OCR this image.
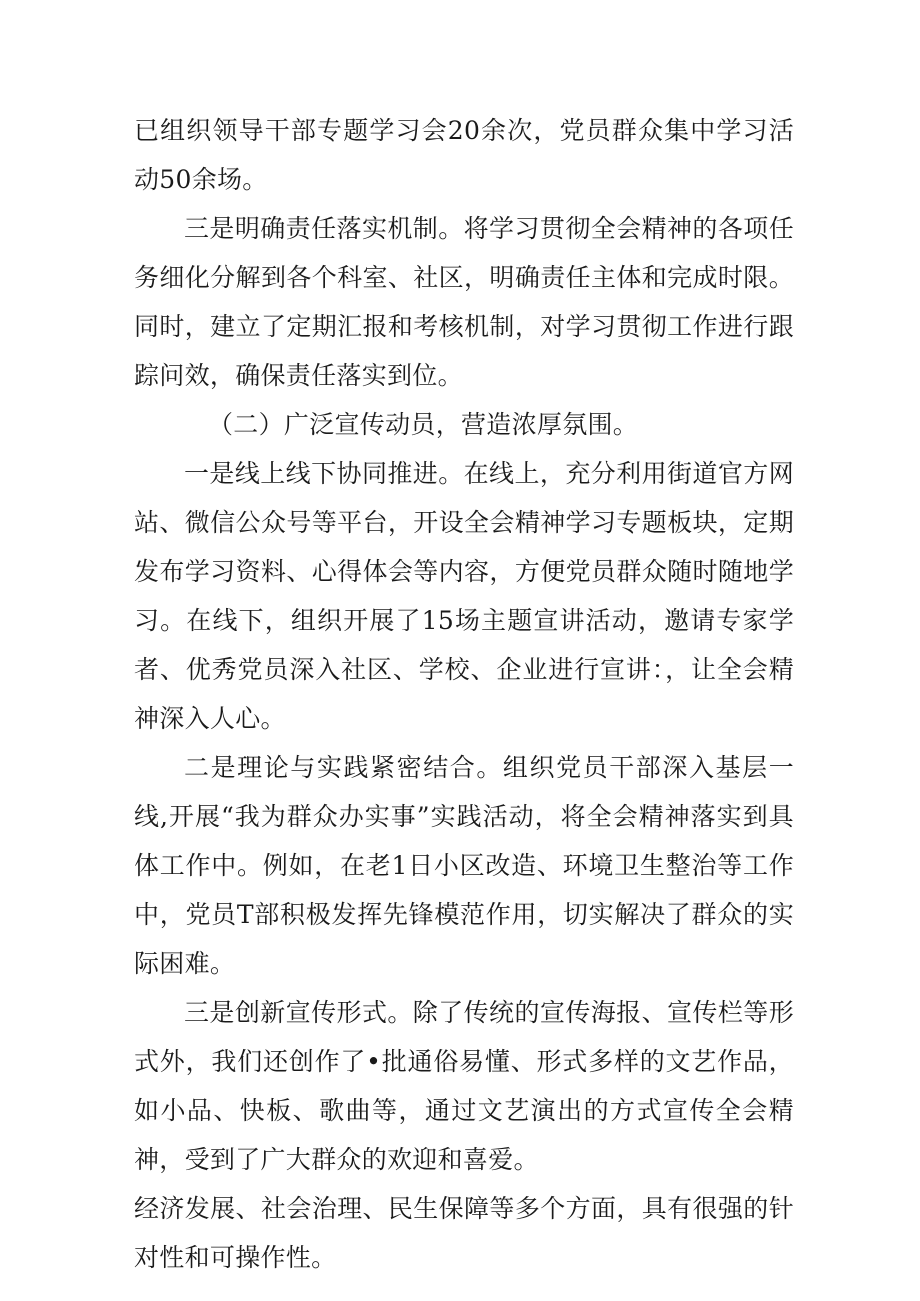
已组织领导干部专题学习会20余次，党员群众集中学习活动50余场。

三是明确责任落实机制。将学习贯彻全会精神的各项任务细化分解到各个科室、社区，明确责任主体和完成时限。同时，建立了定期汇报和考核机制，对学习贯彻工作进行跟踪问效，确保责任落实到位。

（二）广泛宣传动员，营造浓厚氛围。

一是线上线下协同推进。在线上，充分利用街道官方网站、微信公众号等平台，开设全会精神学习专题板块，定期发布学习资料、心得体会等内容，方便党员群众随时随地学习。在线下，组织开展了15场主题宣讲活动，邀请专家学者、优秀党员深入社区、学校、企业进行宣讲：，让全会精神深入人心。

二是理论与实践紧密结合。组织党员干部深入基层一线,开展“我为群众办实事”实践活动，将全会精神落实到具体工作中。例如，在老1日小区改造、环境卫生整治等工作中，党员T部积极发挥先锋模范作用，切实解决了群众的实际困难。

三是创新宣传形式。除了传统的宣传海报、宣传栏等形式外，我们还创作了•批通俗易懂、形式多样的文艺作品，如小品、快板、歌曲等，通过文艺演出的方式宣传全会精神，受到了广大群众的欢迎和喜爱。

经济发展、社会治理、民生保障等多个方面，具有很强的针对性和可操作性。
